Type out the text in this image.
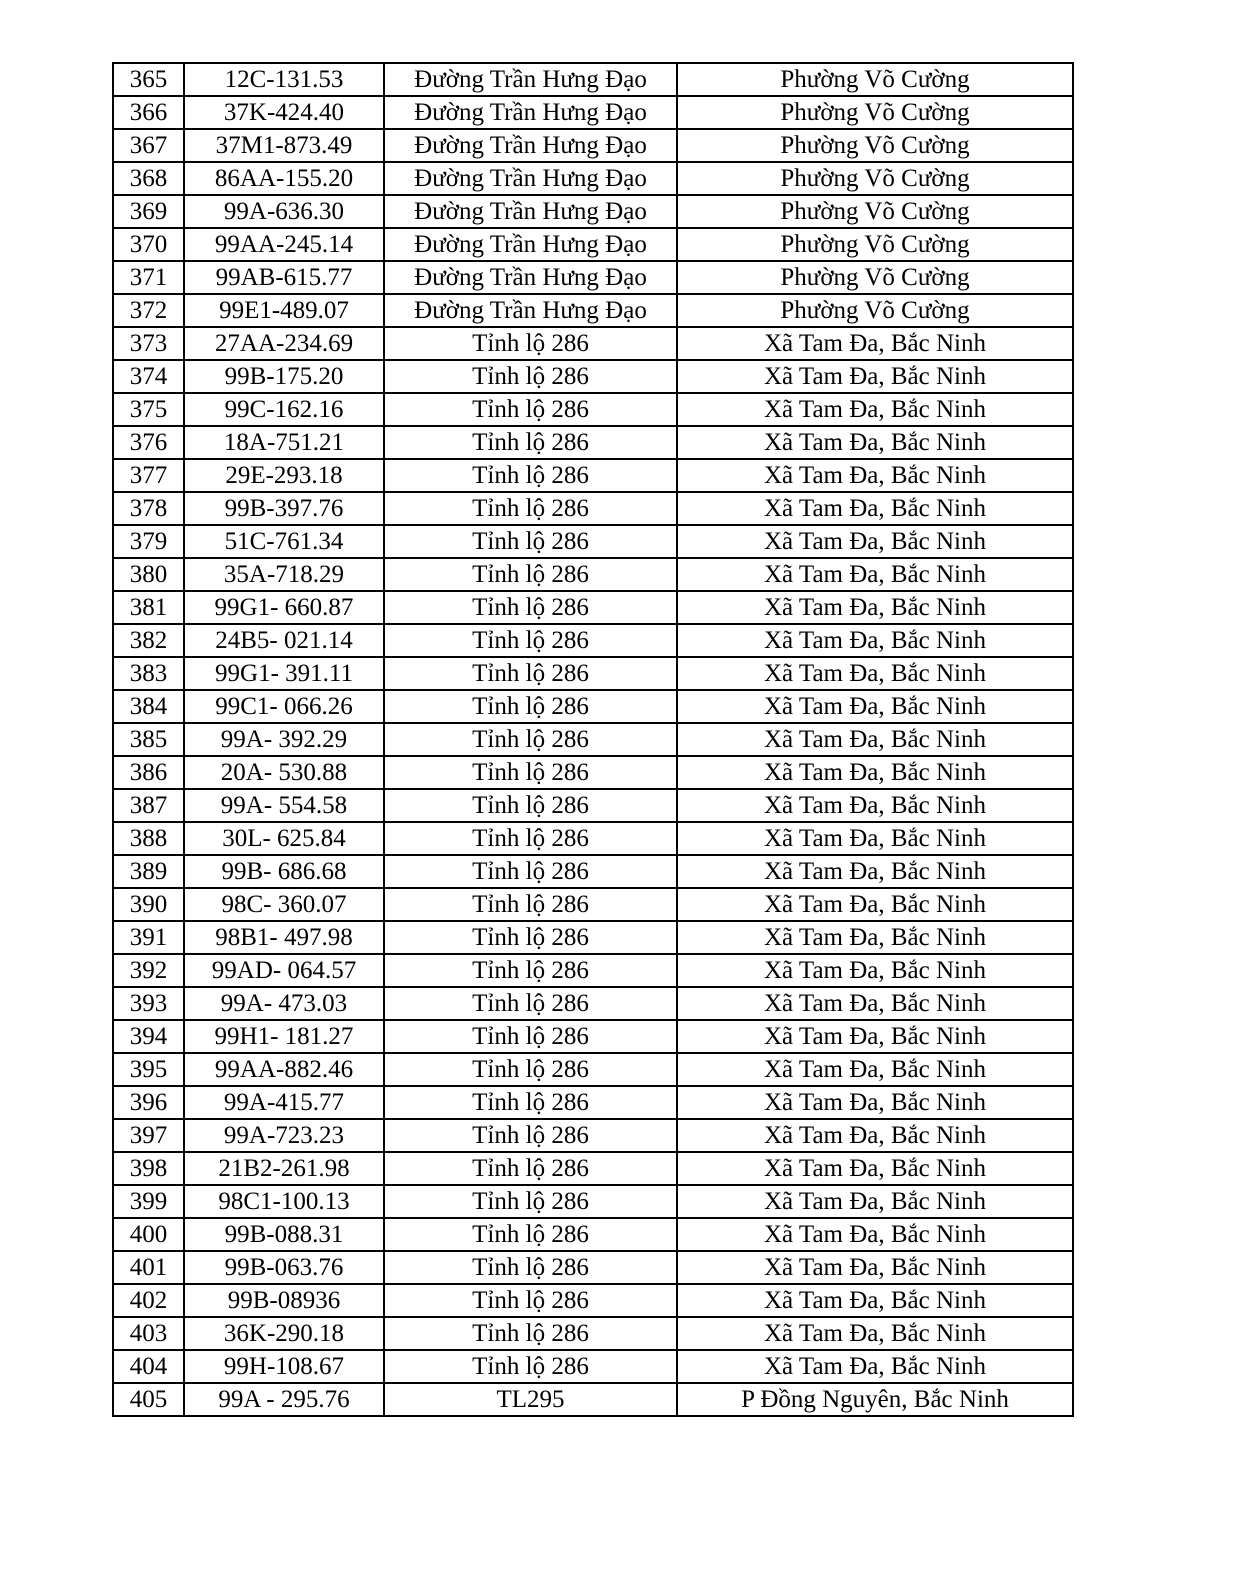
365	12C-131.53	Đường Trần Hưng Đạo	Phường Võ Cường
366	37K-424.40	Đường Trần Hưng Đạo	Phường Võ Cường
367	37M1-873.49	Đường Trần Hưng Đạo	Phường Võ Cường
368	86AA-155.20	Đường Trần Hưng Đạo	Phường Võ Cường
369	99A-636.30	Đường Trần Hưng Đạo	Phường Võ Cường
370	99AA-245.14	Đường Trần Hưng Đạo	Phường Võ Cường
371	99AB-615.77	Đường Trần Hưng Đạo	Phường Võ Cường
372	99E1-489.07	Đường Trần Hưng Đạo	Phường Võ Cường
373	27AA-234.69	Tỉnh lộ 286	Xã Tam Đa, Bắc Ninh
374	99B-175.20	Tỉnh lộ 286	Xã Tam Đa, Bắc Ninh
375	99C-162.16	Tỉnh lộ 286	Xã Tam Đa, Bắc Ninh
376	18A-751.21	Tỉnh lộ 286	Xã Tam Đa, Bắc Ninh
377	29E-293.18	Tỉnh lộ 286	Xã Tam Đa, Bắc Ninh
378	99B-397.76	Tỉnh lộ 286	Xã Tam Đa, Bắc Ninh
379	51C-761.34	Tỉnh lộ 286	Xã Tam Đa, Bắc Ninh
380	35A-718.29	Tỉnh lộ 286	Xã Tam Đa, Bắc Ninh
381	99G1- 660.87	Tỉnh lộ 286	Xã Tam Đa, Bắc Ninh
382	24B5- 021.14	Tỉnh lộ 286	Xã Tam Đa, Bắc Ninh
383	99G1- 391.11	Tỉnh lộ 286	Xã Tam Đa, Bắc Ninh
384	99C1- 066.26	Tỉnh lộ 286	Xã Tam Đa, Bắc Ninh
385	99A- 392.29	Tỉnh lộ 286	Xã Tam Đa, Bắc Ninh
386	20A- 530.88	Tỉnh lộ 286	Xã Tam Đa, Bắc Ninh
387	99A- 554.58	Tỉnh lộ 286	Xã Tam Đa, Bắc Ninh
388	30L- 625.84	Tỉnh lộ 286	Xã Tam Đa, Bắc Ninh
389	99B- 686.68	Tỉnh lộ 286	Xã Tam Đa, Bắc Ninh
390	98C- 360.07	Tỉnh lộ 286	Xã Tam Đa, Bắc Ninh
391	98B1- 497.98	Tỉnh lộ 286	Xã Tam Đa, Bắc Ninh
392	99AD- 064.57	Tỉnh lộ 286	Xã Tam Đa, Bắc Ninh
393	99A- 473.03	Tỉnh lộ 286	Xã Tam Đa, Bắc Ninh
394	99H1- 181.27	Tỉnh lộ 286	Xã Tam Đa, Bắc Ninh
395	99AA-882.46	Tỉnh lộ 286	Xã Tam Đa, Bắc Ninh
396	99A-415.77	Tỉnh lộ 286	Xã Tam Đa, Bắc Ninh
397	99A-723.23	Tỉnh lộ 286	Xã Tam Đa, Bắc Ninh
398	21B2-261.98	Tỉnh lộ 286	Xã Tam Đa, Bắc Ninh
399	98C1-100.13	Tỉnh lộ 286	Xã Tam Đa, Bắc Ninh
400	99B-088.31	Tỉnh lộ 286	Xã Tam Đa, Bắc Ninh
401	99B-063.76	Tỉnh lộ 286	Xã Tam Đa, Bắc Ninh
402	99B-08936	Tỉnh lộ 286	Xã Tam Đa, Bắc Ninh
403	36K-290.18	Tỉnh lộ 286	Xã Tam Đa, Bắc Ninh
404	99H-108.67	Tỉnh lộ 286	Xã Tam Đa, Bắc Ninh
405	99A - 295.76	TL295	P Đồng Nguyên, Bắc Ninh
